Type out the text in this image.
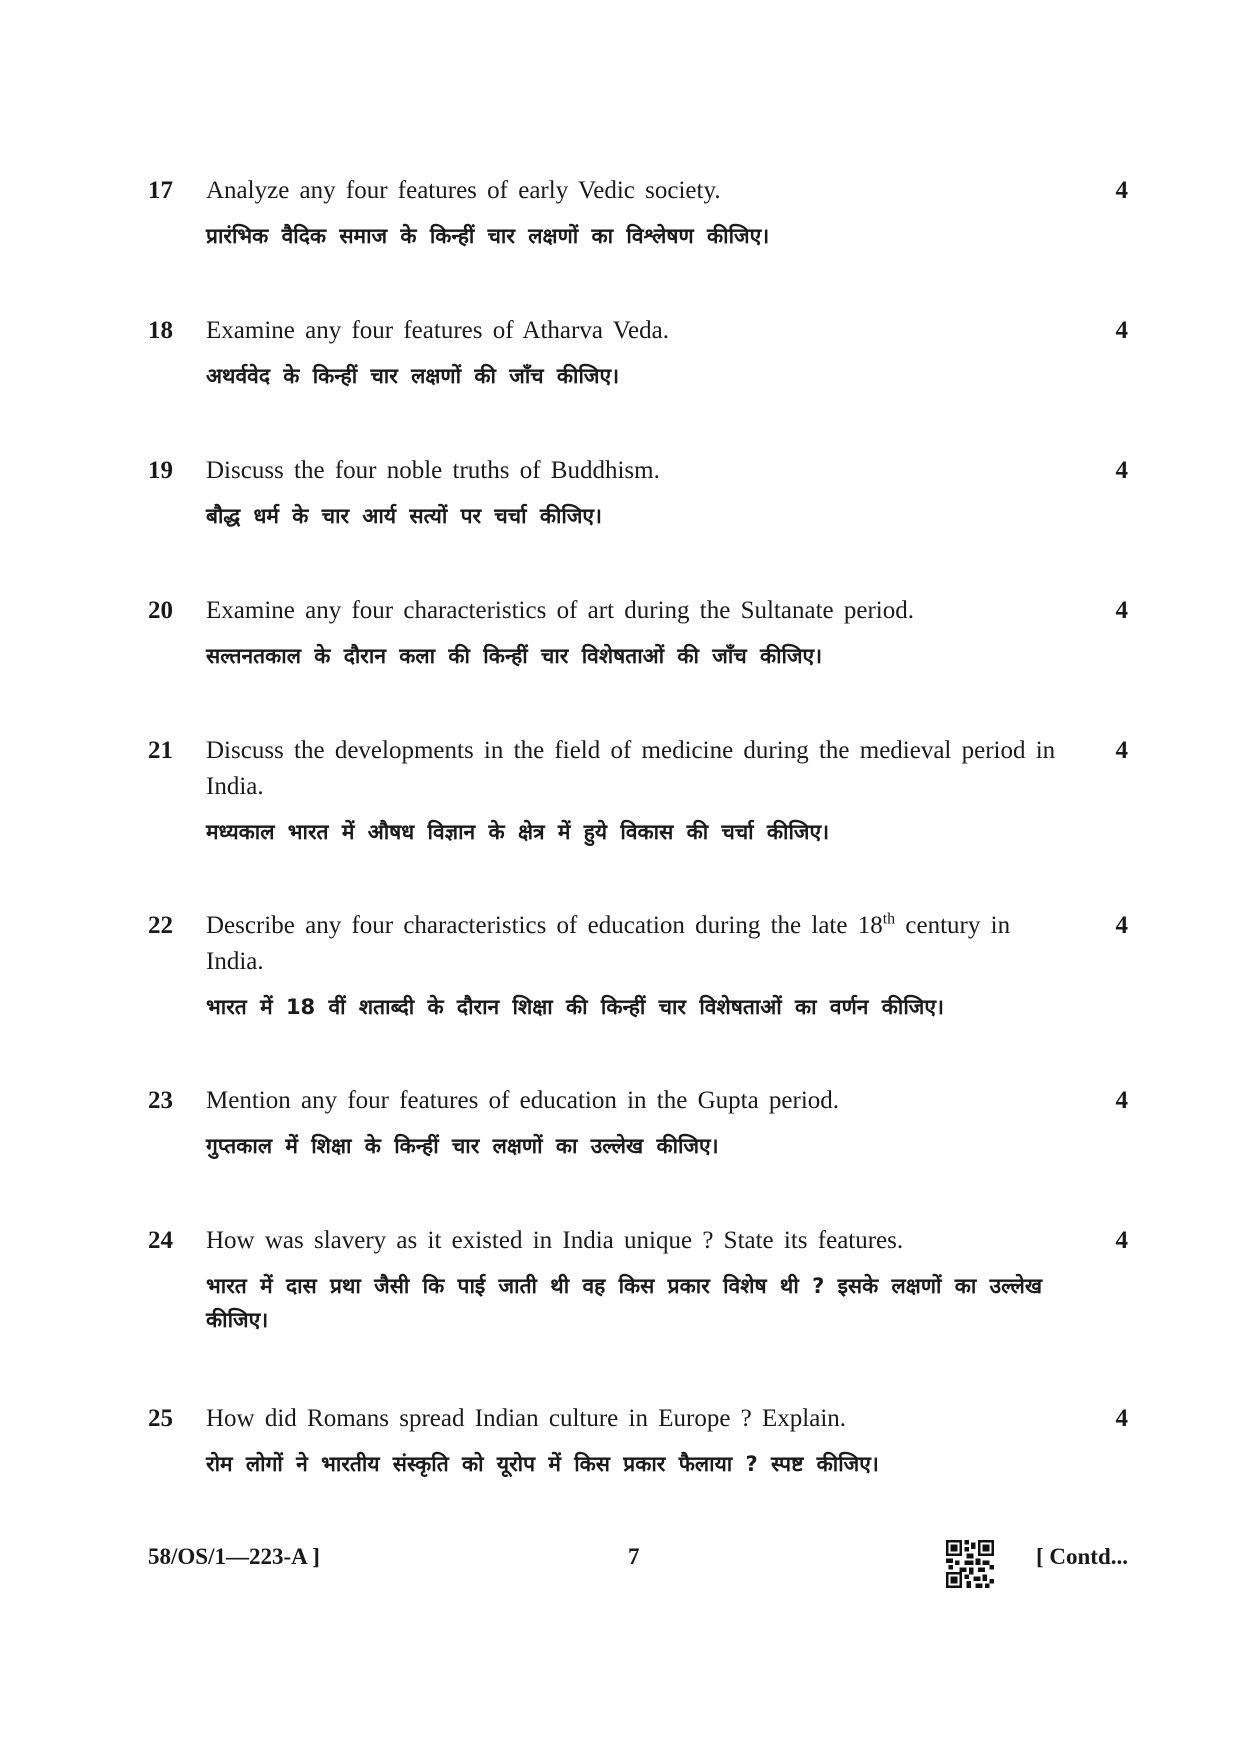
17	Analyze any four features of early Vedic society.
प्रारंभिक वैदिक समाज के किन्हीं चार लक्षणों का विश्लेषण कीजिए।
4
18	Examine any four features of Atharva Veda.
अथर्ववेद के किन्हीं चार लक्षणों की जाँच कीजिए।
4
19	Discuss the four noble truths of Buddhism.
बौद्ध धर्म के चार आर्य सत्यों पर चर्चा कीजिए।
4
20	Examine any four characteristics of art during the Sultanate period.
सल्तनतकाल के दौरान कला की किन्हीं चार विशेषताओं की जाँच कीजिए।
4
21	Discuss the developments in the field of medicine during the medieval period in India.
मध्यकाल भारत में औषध विज्ञान के क्षेत्र में हुये विकास की चर्चा कीजिए।
4
22	Describe any four characteristics of education during the late 18th century in India.
भारत में 18 वीं शताब्दी के दौरान शिक्षा की किन्हीं चार विशेषताओं का वर्णन कीजिए।
4
23	Mention any four features of education in the Gupta period.
गुप्तकाल में शिक्षा के किन्हीं चार लक्षणों का उल्लेख कीजिए।
4
24	How was slavery as it existed in India unique ? State its features.
भारत में दास प्रथा जैसी कि पाई जाती थी वह किस प्रकार विशेष थी ? इसके लक्षणों का उल्लेख कीजिए।
4
25	How did Romans spread Indian culture in Europe ? Explain.
रोम लोगों ने भारतीय संस्कृति को यूरोप में किस प्रकार फैलाया ? स्पष्ट कीजिए।
4
58/OS/1—223-A ]	7	[ Contd...
